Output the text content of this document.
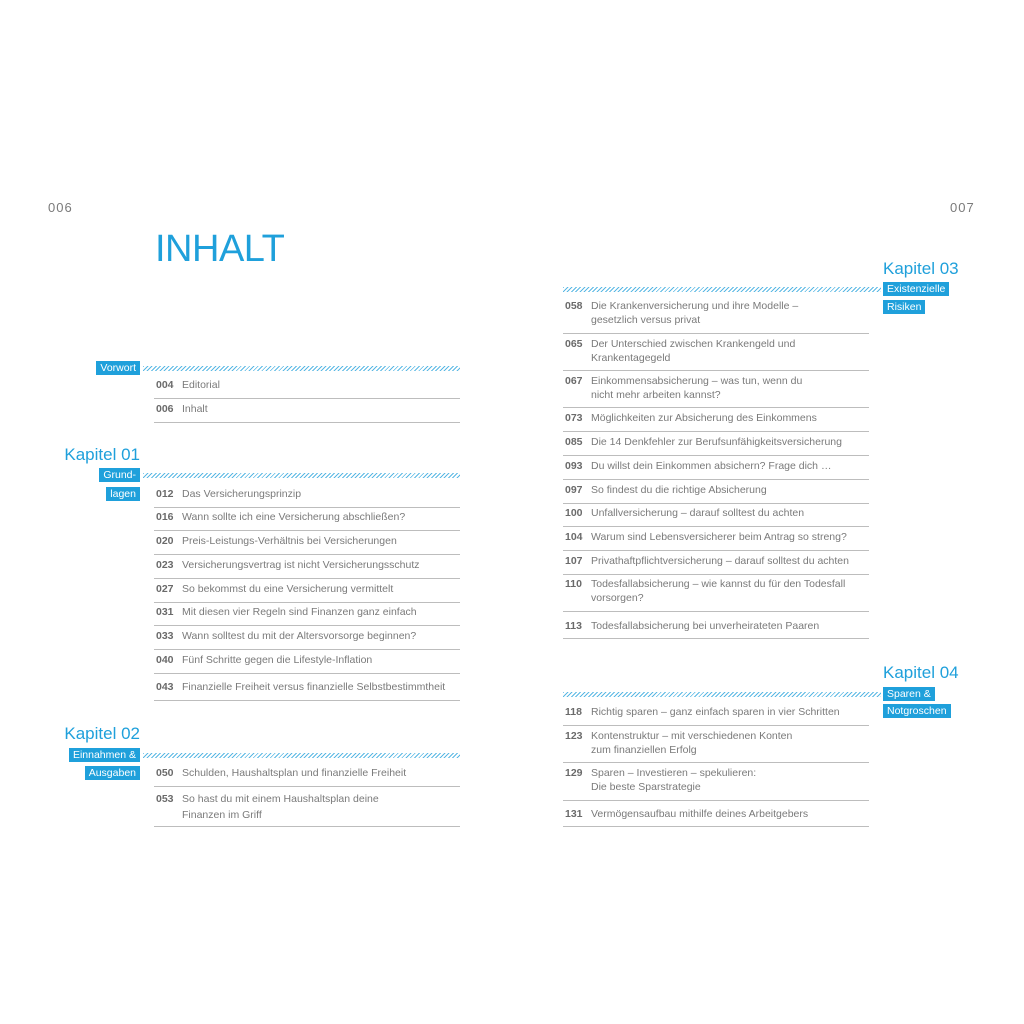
006	007
INHALT
Vorwort
004 Editorial
006 Inhalt
Kapitel 01
Grund-
lagen	012 Das Versicherungsprinzip
016 Wann sollte ich eine Versicherung abschließen?
020 Preis-Leistungs-Verhältnis bei Versicherungen
023 Versicherungsvertrag ist nicht Versicherungsschutz
027 So bekommst du eine Versicherung vermittelt
031 Mit diesen vier Regeln sind Finanzen ganz einfach
033 Wann solltest du mit der Altersvorsorge beginnen?
040 Fünf Schritte gegen die Lifestyle-Inflation
043 Finanzielle Freiheit versus finanzielle Selbstbestimmtheit
Kapitel 02
Einnahmen &
Ausgaben	050 Schulden, Haushaltsplan und finanzielle Freiheit
053 So hast du mit einem Haushaltsplan deine
Finanzen im Griff
Kapitel 03
Existenzielle
Risiken
058 Die Krankenversicherung und ihre Modelle –
gesetzlich versus privat
065 Der Unterschied zwischen Krankengeld und
Krankentagegeld
067 Einkommensabsicherung – was tun, wenn du
nicht mehr arbeiten kannst?
073 Möglichkeiten zur Absicherung des Einkommens
085 Die 14 Denkfehler zur Berufsunfähigkeitsversicherung
093 Du willst dein Einkommen absichern? Frage dich …
097 So findest du die richtige Absicherung
100 Unfallversicherung – darauf solltest du achten
104 Warum sind Lebensversicherer beim Antrag so streng?
107 Privathaftpflichtversicherung – darauf solltest du achten
110 Todesfallabsicherung – wie kannst du für den Todesfall
vorsorgen?
113 Todesfallabsicherung bei unverheirateten Paaren
Kapitel 04
Sparen &
Notgroschen
118 Richtig sparen – ganz einfach sparen in vier Schritten
123 Kontenstruktur – mit verschiedenen Konten
zum finanziellen Erfolg
129 Sparen – Investieren – spekulieren:
Die beste Sparstrategie
131 Vermögensaufbau mithilfe deines Arbeitgebers
